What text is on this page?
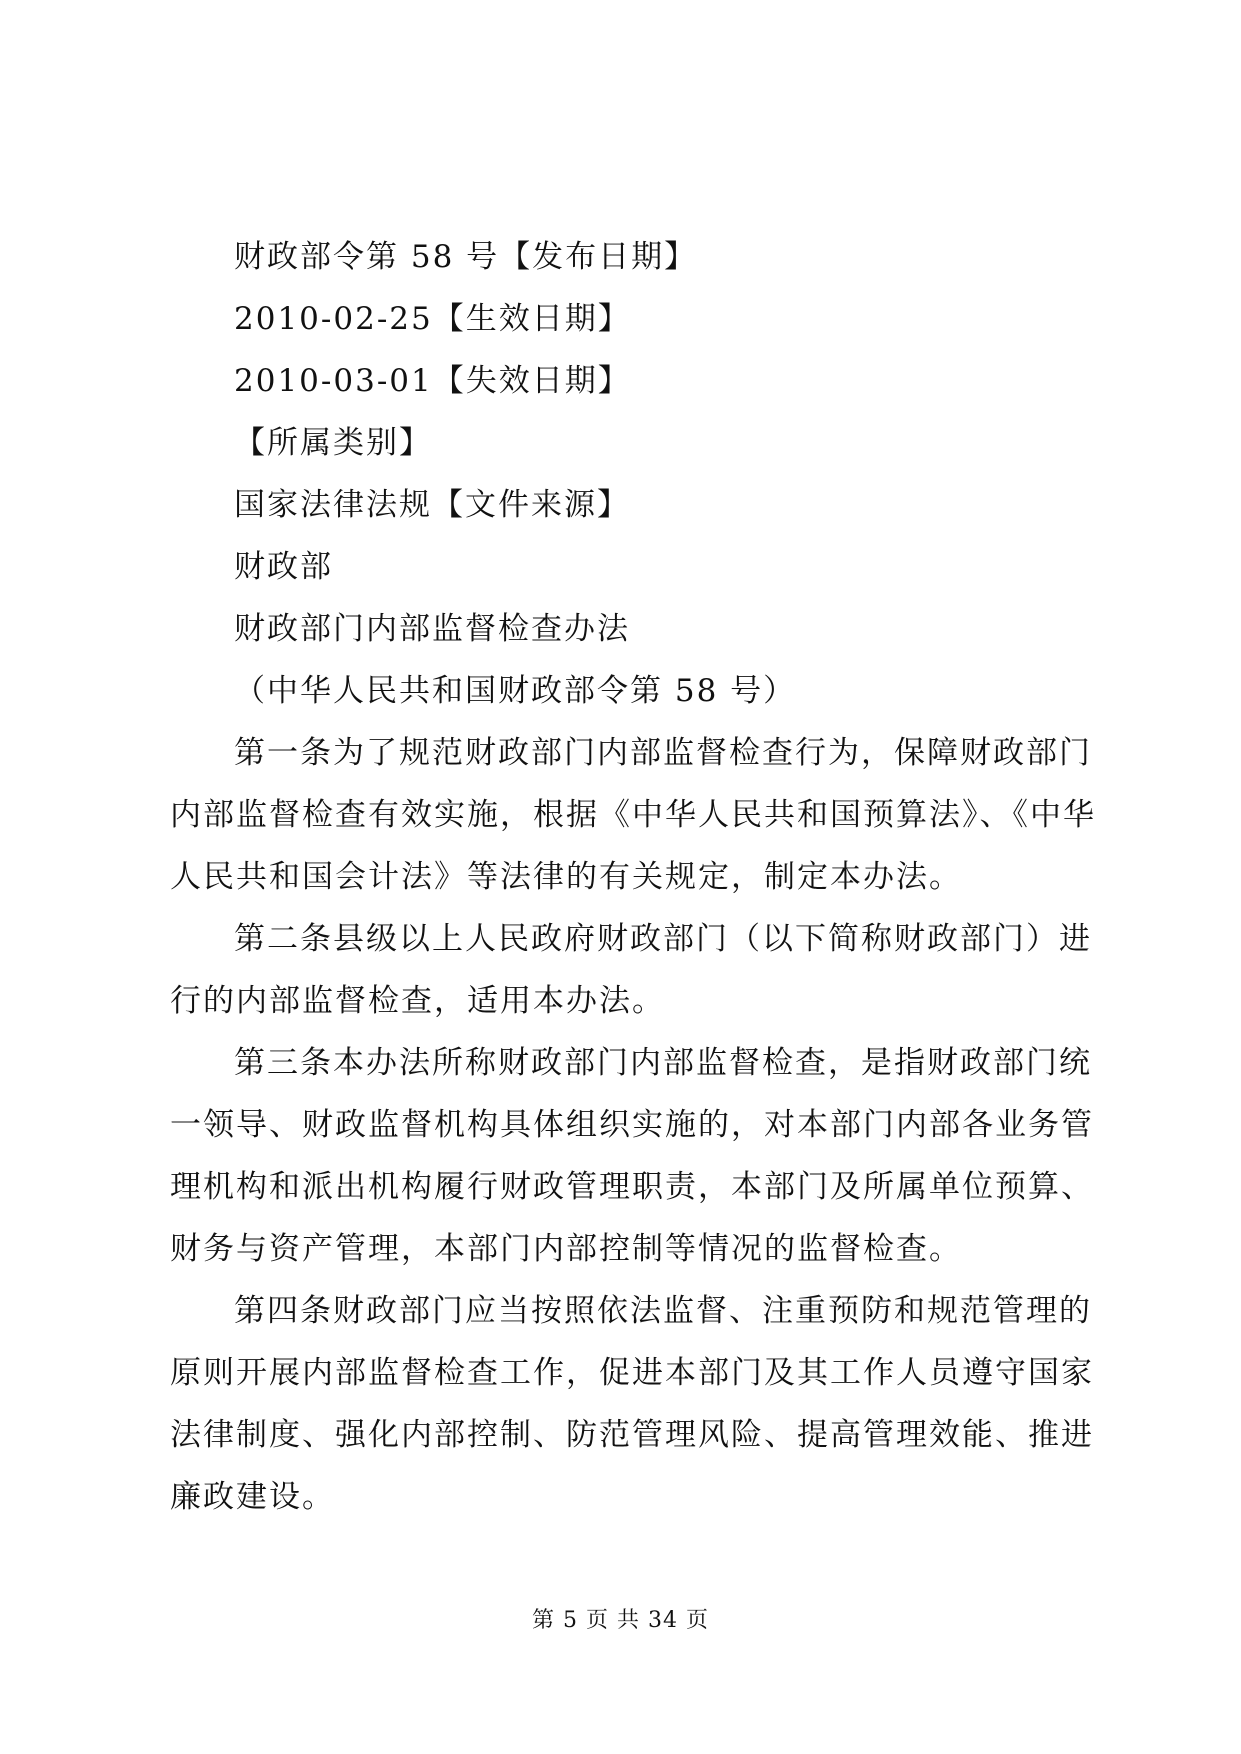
财政部令第 58 号【发布日期】
2010-02-25【生效日期】
2010-03-01【失效日期】
【所属类别】
国家法律法规【文件来源】
财政部
财政部门内部监督检查办法
（中华人民共和国财政部令第 58 号）
第一条为了规范财政部门内部监督检查行为，保障财政部门
内部监督检查有效实施，根据《中华人民共和国预算法》、《中华
人民共和国会计法》等法律的有关规定，制定本办法。
第二条县级以上人民政府财政部门（以下简称财政部门）进
行的内部监督检查，适用本办法。
第三条本办法所称财政部门内部监督检查，是指财政部门统
一领导、财政监督机构具体组织实施的，对本部门内部各业务管
理机构和派出机构履行财政管理职责，本部门及所属单位预算、
财务与资产管理，本部门内部控制等情况的监督检查。
第四条财政部门应当按照依法监督、注重预防和规范管理的
原则开展内部监督检查工作，促进本部门及其工作人员遵守国家
法律制度、强化内部控制、防范管理风险、提高管理效能、推进
廉政建设。
第 5 页 共 34 页
